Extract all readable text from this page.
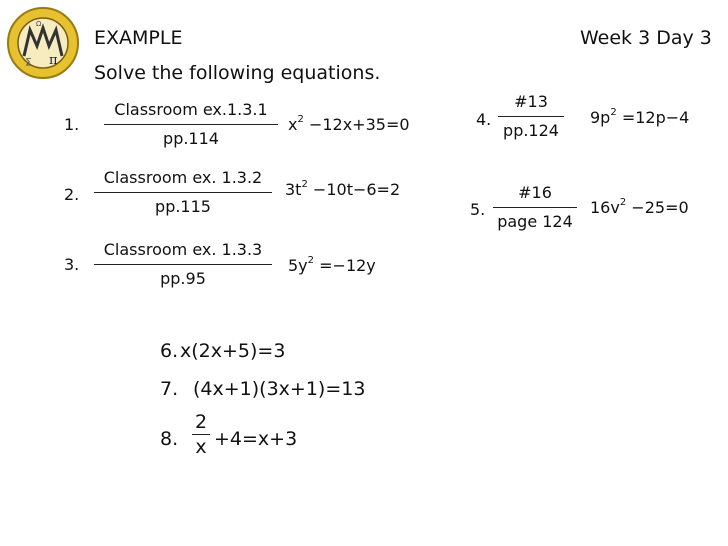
π
∑
Ω
EXAMPLE	Week 3 Day 3
Solve the following equations.
1.
Classroom ex.1.3.1
pp.114
$x^2 -12x+35=0$
2.
Classroom ex. 1.3.2
pp.115
$3t^2 -10t-6=2$
3.
Classroom ex. 1.3.3
pp.95
$5y^2 =-12y$
4.
#13
pp.124
$9p^2 =12p-4$
5.
#16
page 124
$16v^2 -25=0$
6. x(2x+5)=3
7. (4x+1)(3x+1)=13
8.
2
x +4=x+3
